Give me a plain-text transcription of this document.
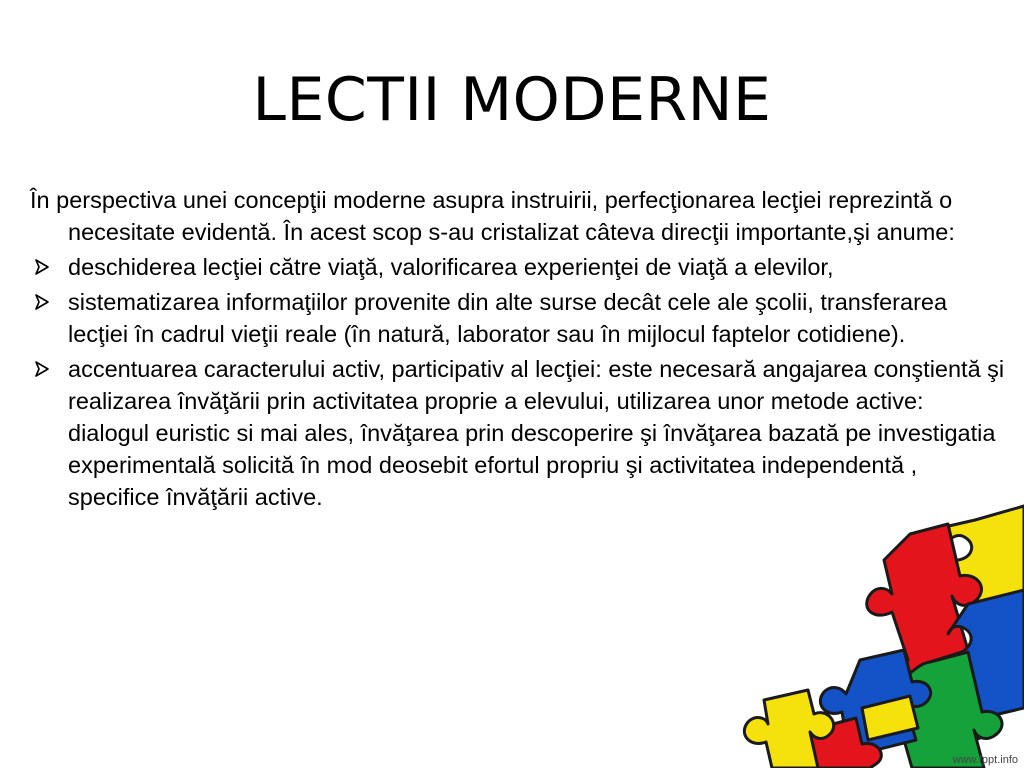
LECTII MODERNE

În perspectiva unei concepţii moderne asupra instruirii, perfecţionarea lecţiei reprezintă o necesitate evidentă. În acest scop s-au cristalizat câteva direcţii importante,şi anume:

deschiderea lecţiei către viaţă, valorificarea experienţei de viaţă a elevilor,
sistematizarea informaţiilor provenite din alte surse decât cele ale şcolii, transferarea lecţiei în cadrul vieţii reale (în natură, laborator sau în mijlocul faptelor cotidiene).
accentuarea caracterului activ, participativ al lecţiei: este necesară angajarea conştientă şi realizarea învăţării prin activitatea proprie a elevului, utilizarea unor metode active: dialogul euristic si mai ales, învăţarea prin descoperire şi învăţarea bazată pe investigatia experimentală solicită în mod deosebit efortul propriu şi activitatea independentă , specifice învăţării active.
www.fppt.info
